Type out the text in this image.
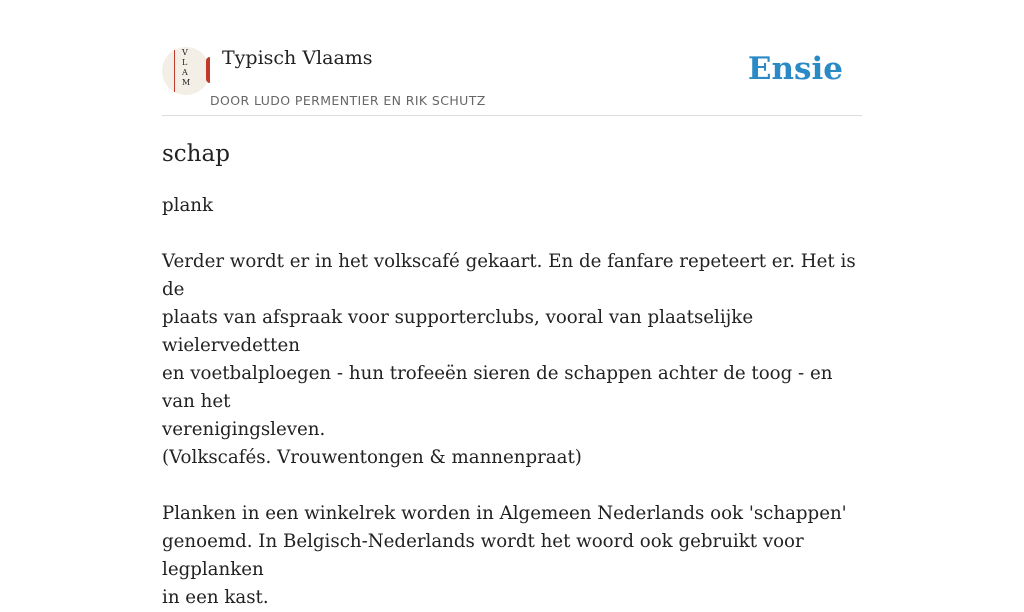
V
L
A
M
Typisch Vlaams
DOOR LUDO PERMENTIER EN RIK SCHUTZ
Ensie
schap

plank

Verder wordt er in het volkscafé gekaart. En de fanfare repeteert er. Het is de

plaats van afspraak voor supporterclubs, vooral van plaatselijke wielervedetten

en voetbalploegen - hun trofeeën sieren de schappen achter de toog - en van het

verenigingsleven.

(Volkscafés. Vrouwentongen & mannenpraat)

Planken in een winkelrek worden in Algemeen Nederlands ook 'schappen'

genoemd. In Belgisch-Nederlands wordt het woord ook gebruikt voor legplanken

in een kast.
